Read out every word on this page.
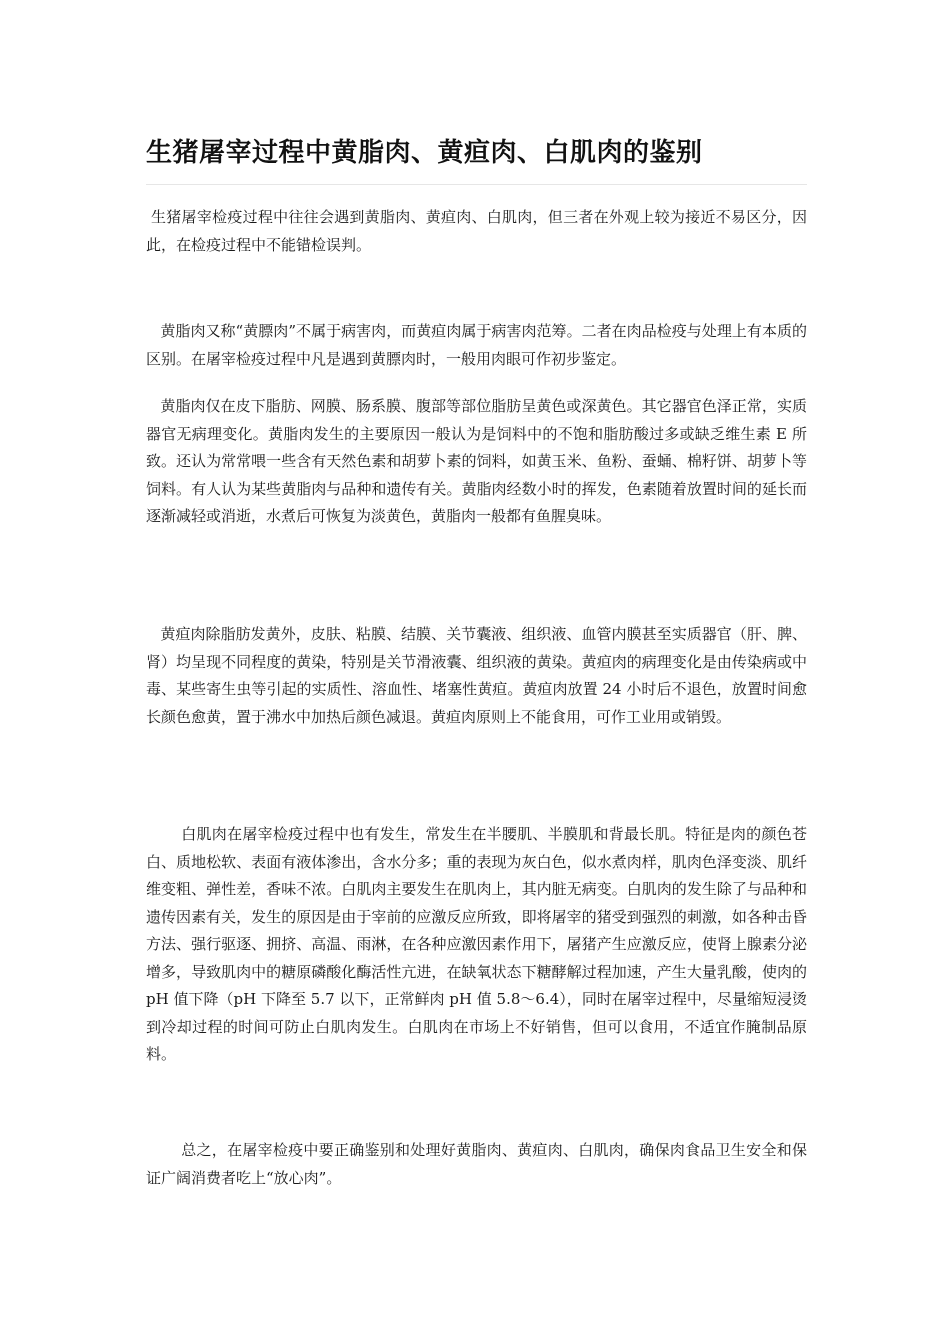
生猪屠宰过程中黄脂肉、黄疸肉、白肌肉的鉴别

生猪屠宰检疫过程中往往会遇到黄脂肉、黄疸肉、白肌肉，但三者在外观上较为接近不易区分，因此，在检疫过程中不能错检误判。

黄脂肉又称“黄膘肉”不属于病害肉，而黄疸肉属于病害肉范筹。二者在肉品检疫与处理上有本质的区别。在屠宰检疫过程中凡是遇到黄膘肉时，一般用肉眼可作初步鉴定。

黄脂肉仅在皮下脂肪、网膜、肠系膜、腹部等部位脂肪呈黄色或深黄色。其它器官色泽正常，实质器官无病理变化。黄脂肉发生的主要原因一般认为是饲料中的不饱和脂肪酸过多或缺乏维生素 E 所致。还认为常常喂一些含有天然色素和胡萝卜素的饲料，如黄玉米、鱼粉、蚕蛹、棉籽饼、胡萝卜等饲料。有人认为某些黄脂肉与品种和遗传有关。黄脂肉经数小时的挥发，色素随着放置时间的延长而逐渐减轻或消逝，水煮后可恢复为淡黄色，黄脂肉一般都有鱼腥臭味。

黄疸肉除脂肪发黄外，皮肤、粘膜、结膜、关节囊液、组织液、血管内膜甚至实质器官（肝、脾、肾）均呈现不同程度的黄染，特别是关节滑液囊、组织液的黄染。黄疸肉的病理变化是由传染病或中毒、某些寄生虫等引起的实质性、溶血性、堵塞性黄疸。黄疸肉放置 24 小时后不退色，放置时间愈长颜色愈黄，置于沸水中加热后颜色减退。黄疸肉原则上不能食用，可作工业用或销毁。

白肌肉在屠宰检疫过程中也有发生，常发生在半腰肌、半膜肌和背最长肌。特征是肉的颜色苍白、质地松软、表面有液体渗出，含水分多；重的表现为灰白色，似水煮肉样，肌肉色泽变淡、肌纤维变粗、弹性差，香味不浓。白肌肉主要发生在肌肉上，其内脏无病变。白肌肉的发生除了与品种和遗传因素有关，发生的原因是由于宰前的应激反应所致，即将屠宰的猪受到强烈的刺激，如各种击昏方法、强行驱逐、拥挤、高温、雨淋，在各种应激因素作用下，屠猪产生应激反应，使肾上腺素分泌增多，导致肌肉中的糖原磷酸化酶活性亢进，在缺氧状态下糖酵解过程加速，产生大量乳酸，使肉的 pH 值下降（pH 下降至 5.7 以下，正常鲜肉 pH 值 5.8～6.4），同时在屠宰过程中，尽量缩短浸烫到冷却过程的时间可防止白肌肉发生。白肌肉在市场上不好销售，但可以食用，不适宜作腌制品原料。

总之，在屠宰检疫中要正确鉴别和处理好黄脂肉、黄疸肉、白肌肉，确保肉食品卫生安全和保证广阔消费者吃上“放心肉”。
